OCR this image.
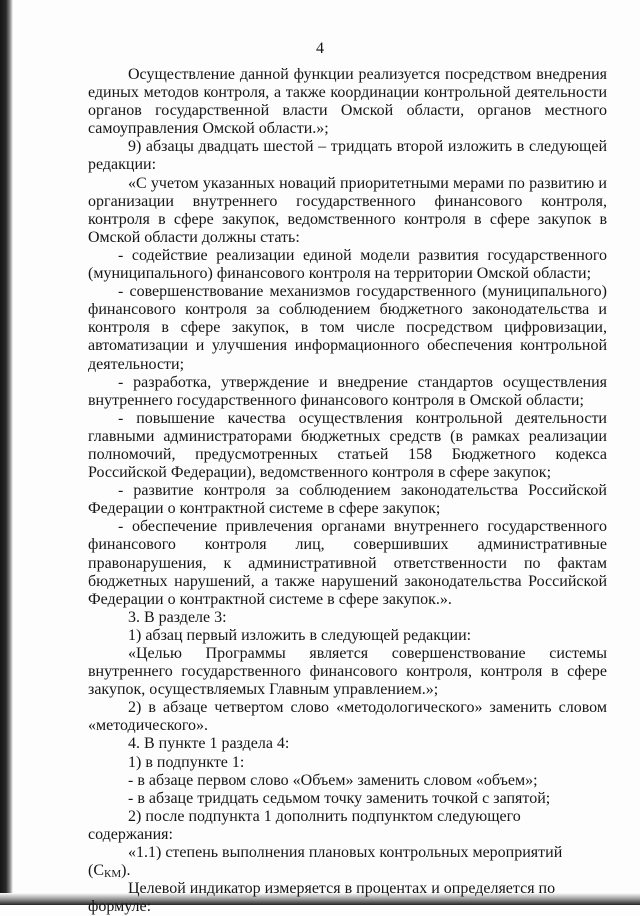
4

Осуществление данной функции реализуется посредством внедрения единых методов контроля, а также координации контрольной деятельности органов государственной власти Омской области, органов местного самоуправления Омской области.»;

9) абзацы двадцать шестой – тридцать второй изложить в следующей редакции:

«С учетом указанных новаций приоритетными мерами по развитию и организации внутреннего государственного финансового контроля, контроля в сфере закупок, ведомственного контроля в сфере закупок в Омской области должны стать:

- содействие реализации единой модели развития государственного (муниципального) финансового контроля на территории Омской области;

- совершенствование механизмов государственного (муниципального) финансового контроля за соблюдением бюджетного законодательства и контроля в сфере закупок, в том числе посредством цифровизации, автоматизации и улучшения информационного обеспечения контрольной деятельности;

- разработка, утверждение и внедрение стандартов осуществления внутреннего государственного финансового контроля в Омской области;

- повышение качества осуществления контрольной деятельности главными администраторами бюджетных средств (в рамках реализации полномочий, предусмотренных статьей 158 Бюджетного кодекса Российской Федерации), ведомственного контроля в сфере закупок;

- развитие контроля за соблюдением законодательства Российской Федерации о контрактной системе в сфере закупок;

- обеспечение привлечения органами внутреннего государственного финансового контроля лиц, совершивших административные правонарушения, к административной ответственности по фактам бюджетных нарушений, а также нарушений законодательства Российской Федерации о контрактной системе в сфере закупок.».

3. В разделе 3:

1) абзац первый изложить в следующей редакции:

«Целью Программы является совершенствование системы внутреннего государственного финансового контроля, контроля в сфере закупок, осуществляемых Главным управлением.»;

2) в абзаце четвертом слово «методологического» заменить словом «методического».

4. В пункте 1 раздела 4:

1) в подпункте 1:

- в абзаце первом слово «Объем» заменить словом «объем»;

- в абзаце тридцать седьмом точку заменить точкой с запятой;

2) после подпункта 1 дополнить подпунктом следующего содержания:

«1.1) степень выполнения плановых контрольных мероприятий $(C_{КМ})$.

Целевой индикатор измеряется в процентах и определяется по формуле:
